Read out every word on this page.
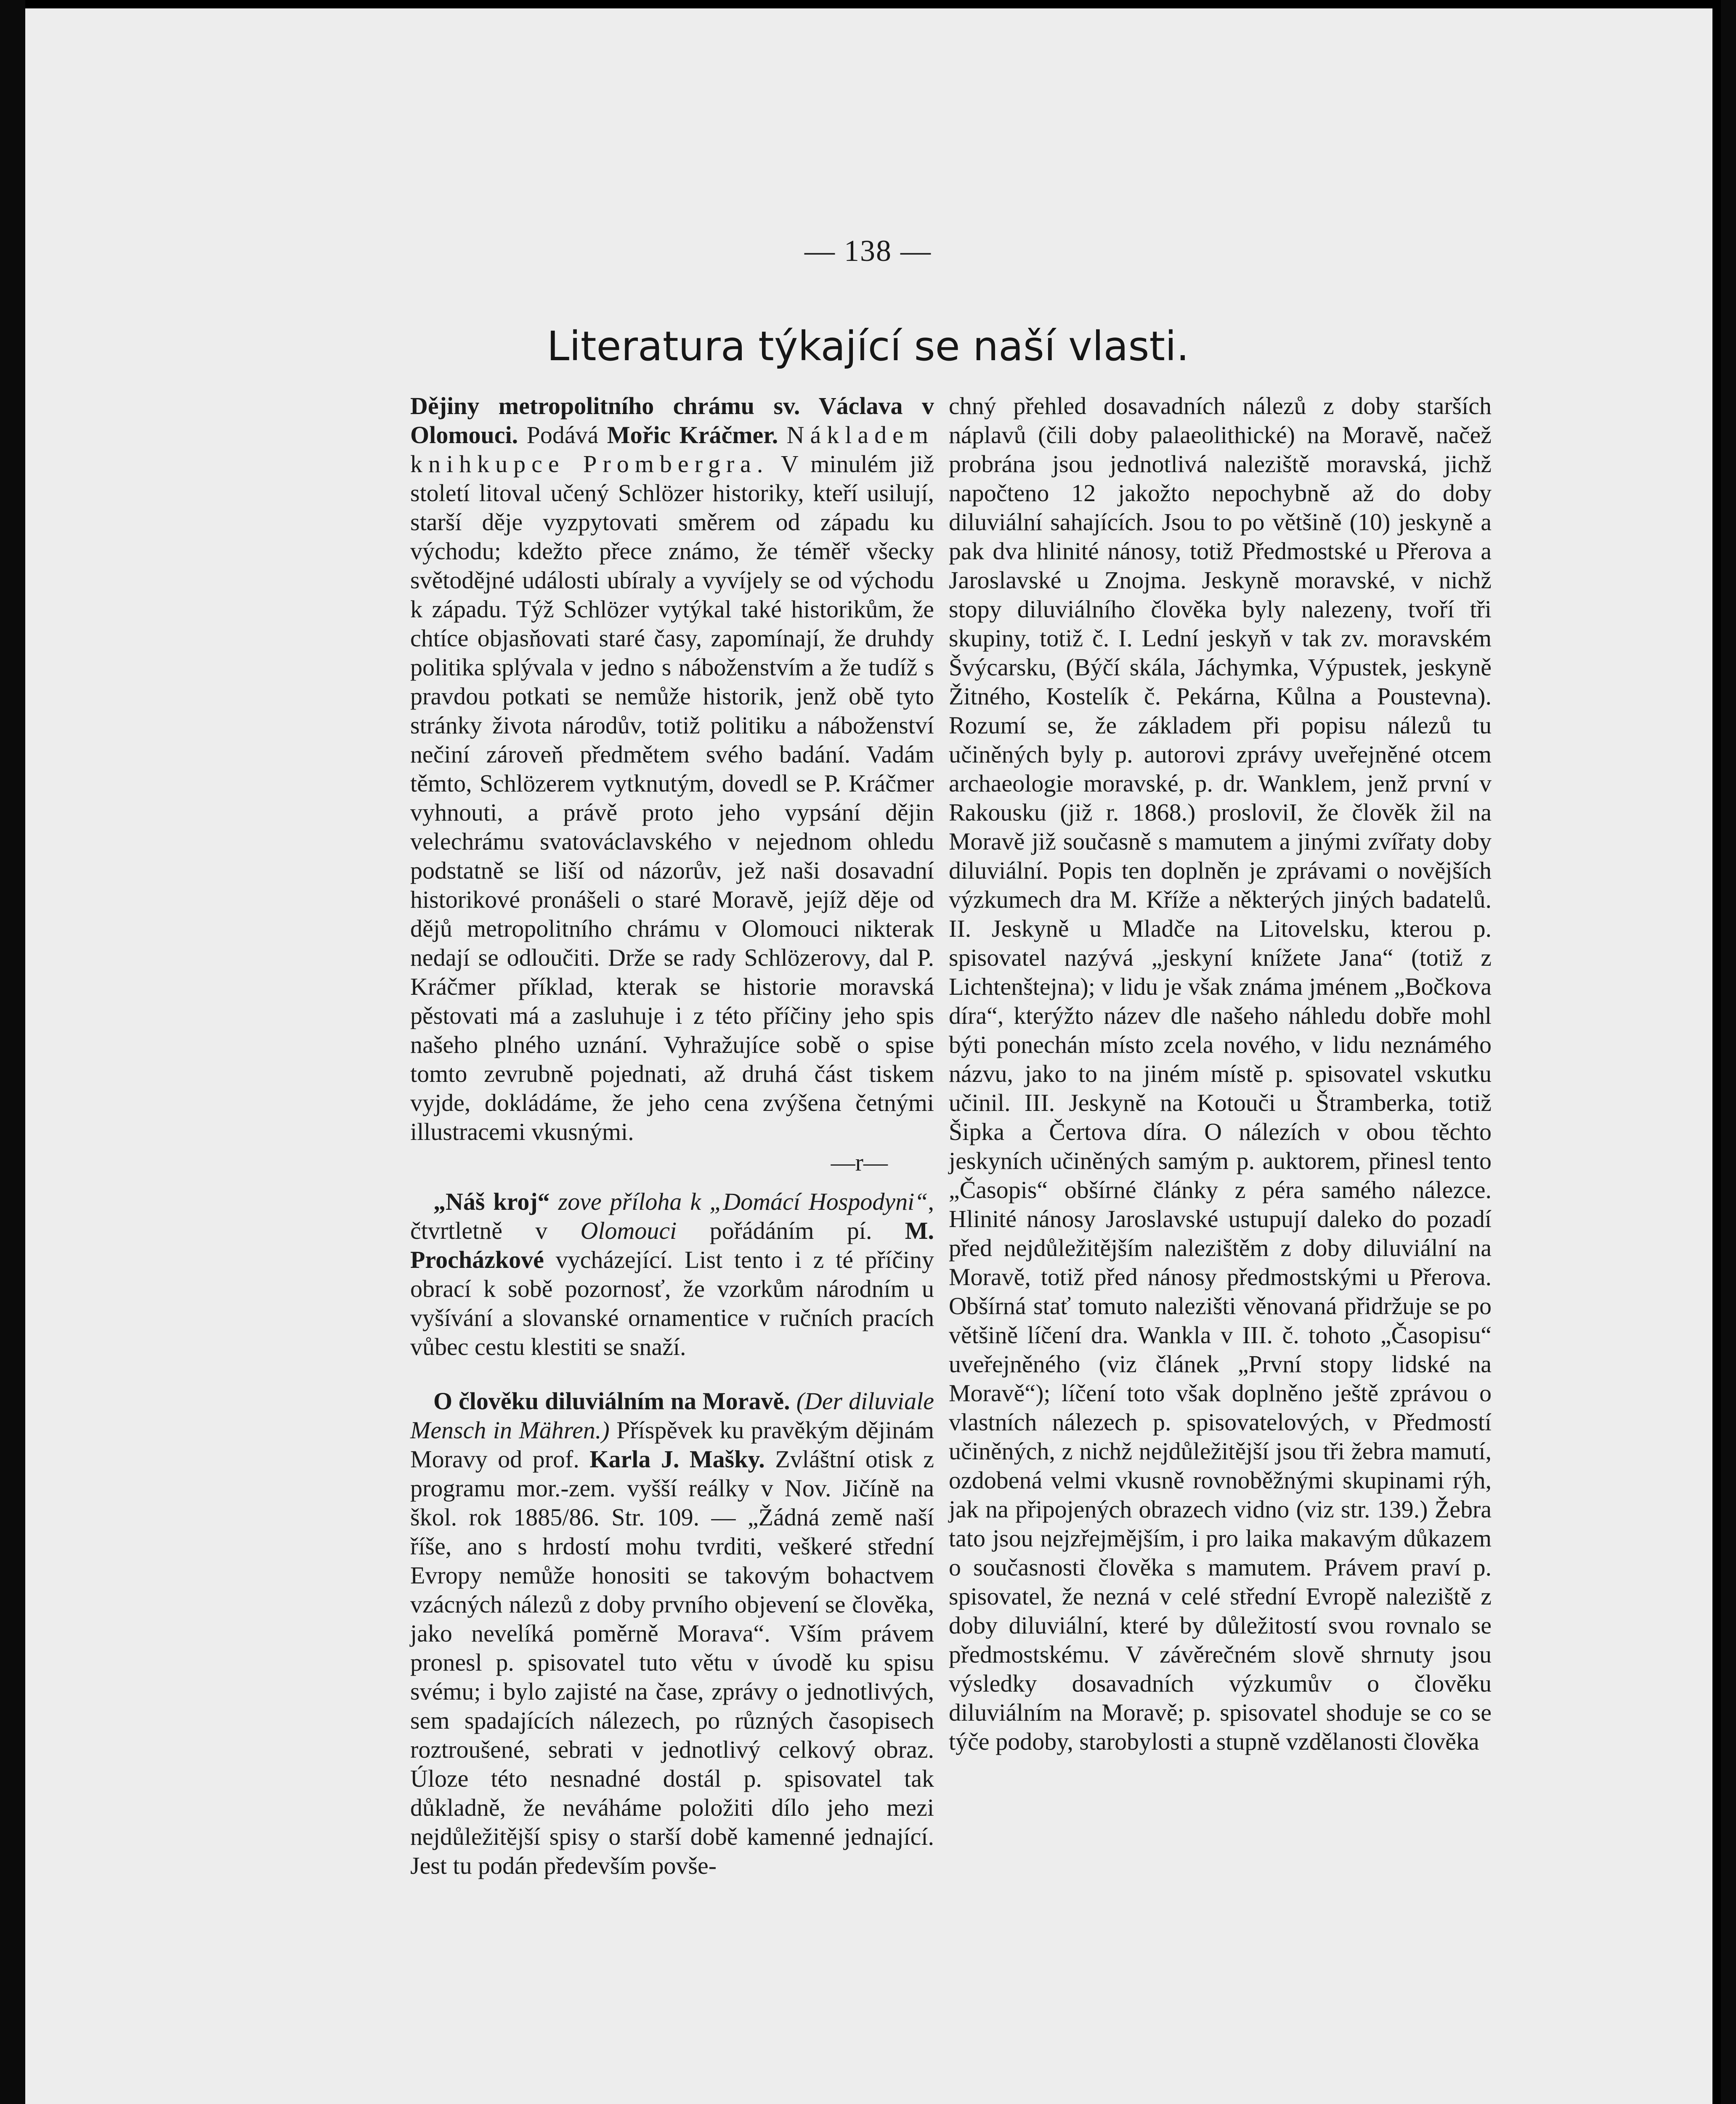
— 138 —
Literatura týkající se naší vlasti.

Dějiny metropolitního chrámu sv. Václava v Olomouci. Podává Mořic Kráčmer. Nákladem knihkupce Prombergra. V minulém již století litoval učený Schlözer historiky, kteří usilují, starší děje vyzpytovati směrem od západu ku východu; kdežto přece známo, že téměř všecky světodějné události ubíraly a vyvíjely se od východu k západu. Týž Schlözer vytýkal také historikům, že chtíce objasňovati staré časy, zapomínají, že druhdy politika splývala v jedno s náboženstvím a že tudíž s pravdou potkati se nemůže historik, jenž obě tyto stránky života národův, totiž politiku a náboženství nečiní zároveň předmětem svého badání. Vadám těmto, Schlözerem vytknutým, dovedl se P. Kráčmer vyhnouti, a právě proto jeho vypsání dějin velechrámu svatováclavského v nejednom ohledu podstatně se liší od názorův, jež naši dosavadní historikové pronášeli o staré Moravě, jejíž děje od dějů metropolitního chrámu v Olomouci nikterak nedají se odloučiti. Drže se rady Schlözerovy, dal P. Kráčmer příklad, kterak se historie moravská pěstovati má a zasluhuje i z této příčiny jeho spis našeho plného uznání. Vyhražujíce sobě o spise tomto zevrubně pojednati, až druhá část tiskem vyjde, dokládáme, že jeho cena zvýšena četnými illustracemi vkusnými.

—r—

„Náš kroj“ zove příloha k „Domácí Hospodyni“, čtvrtletně v Olomouci pořádáním pí. M. Procházkové vycházející. List tento i z té příčiny obrací k sobě pozornosť, že vzorkům národním u vyšívání a slovanské ornamentice v ručních pracích vůbec cestu klestiti se snaží.

O člověku diluviálním na Moravě. (Der diluviale Mensch in Mähren.) Příspěvek ku pravěkým dějinám Moravy od prof. Karla J. Mašky. Zvláštní otisk z programu mor.-zem. vyšší reálky v Nov. Jičíně na škol. rok 1885/86. Str. 109. — „Žádná země naší říše, ano s hrdostí mohu tvrditi, veškeré střední Evropy nemůže honositi se takovým bohactvem vzácných nálezů z doby prvního objevení se člověka, jako nevelíká poměrně Morava“. Vším právem pronesl p. spisovatel tuto větu v úvodě ku spisu svému; i bylo zajisté na čase, zprávy o jednotlivých, sem spadajících nálezech, po různých časopisech roztroušené, sebrati v jednotlivý celkový obraz. Úloze této nesnadné dostál p. spisovatel tak důkladně, že neváháme položiti dílo jeho mezi nejdůležitější spisy o starší době kamenné jednající. Jest tu podán především povše-

chný přehled dosavadních nálezů z doby starších náplavů (čili doby palaeolithické) na Moravě, načež probrána jsou jednotlivá naleziště moravská, jichž napočteno 12 jakožto nepochybně až do doby diluviální sahajících. Jsou to po většině (10) jeskyně a pak dva hlinité nánosy, totiž Předmostské u Přerova a Jaroslavské u Znojma. Jeskyně moravské, v nichž stopy diluviálního člověka byly nalezeny, tvoří tři skupiny, totiž č. I. Lední jeskyň v tak zv. moravském Švýcarsku, (Býčí skála, Jáchymka, Výpustek, jeskyně Žitného, Kostelík č. Pekárna, Kůlna a Poustevna). Rozumí se, že základem při popisu nálezů tu učiněných byly p. autorovi zprávy uveřejněné otcem archaeologie moravské, p. dr. Wanklem, jenž první v Rakousku (již r. 1868.) prosloviI, že člověk žil na Moravě již současně s mamutem a jinými zvířaty doby diluviální. Popis ten doplněn je zprávami o novějších výzkumech dra M. Kříže a některých jiných badatelů. II. Jeskyně u Mladče na Litovelsku, kterou p. spisovatel nazývá „jeskyní knížete Jana“ (totiž z Lichtenštejna); v lidu je však známa jménem „Bočkova díra“, kterýžto název dle našeho náhledu dobře mohl býti ponechán místo zcela nového, v lidu neznámého názvu, jako to na jiném místě p. spisovatel vskutku učinil. III. Jeskyně na Kotouči u Štramberka, totiž Šipka a Čertova díra. O nálezích v obou těchto jeskyních učiněných samým p. auktorem, přinesl tento „Časopis“ obšírné články z péra samého nálezce. Hlinité nánosy Jaroslavské ustupují daleko do pozadí před nejdůležitějším nalezištěm z doby diluviální na Moravě, totiž před nánosy předmostskými u Přerova. Obšírná stať tomuto nalezišti věnovaná přidržuje se po většině líčení dra. Wankla v III. č. tohoto „Časopisu“ uveřejněného (viz článek „První stopy lidské na Moravě“); líčení toto však doplněno ještě zprávou o vlastních nálezech p. spisovatelových, v Předmostí učiněných, z nichž nejdůležitější jsou tři žebra mamutí, ozdobená velmi vkusně rovnoběžnými skupinami rýh, jak na připojených obrazech vidno (viz str. 139.) Žebra tato jsou nejzřejmějším, i pro laika makavým důkazem o současnosti člověka s mamutem. Právem praví p. spisovatel, že nezná v celé střední Evropě naleziště z doby diluviální, které by důležitostí svou rovnalo se předmostskému. V závěrečném slově shrnuty jsou výsledky dosavadních výzkumův o člověku diluviálním na Moravě; p. spisovatel shoduje se co se týče podoby, starobylosti a stupně vzdělanosti člověka
